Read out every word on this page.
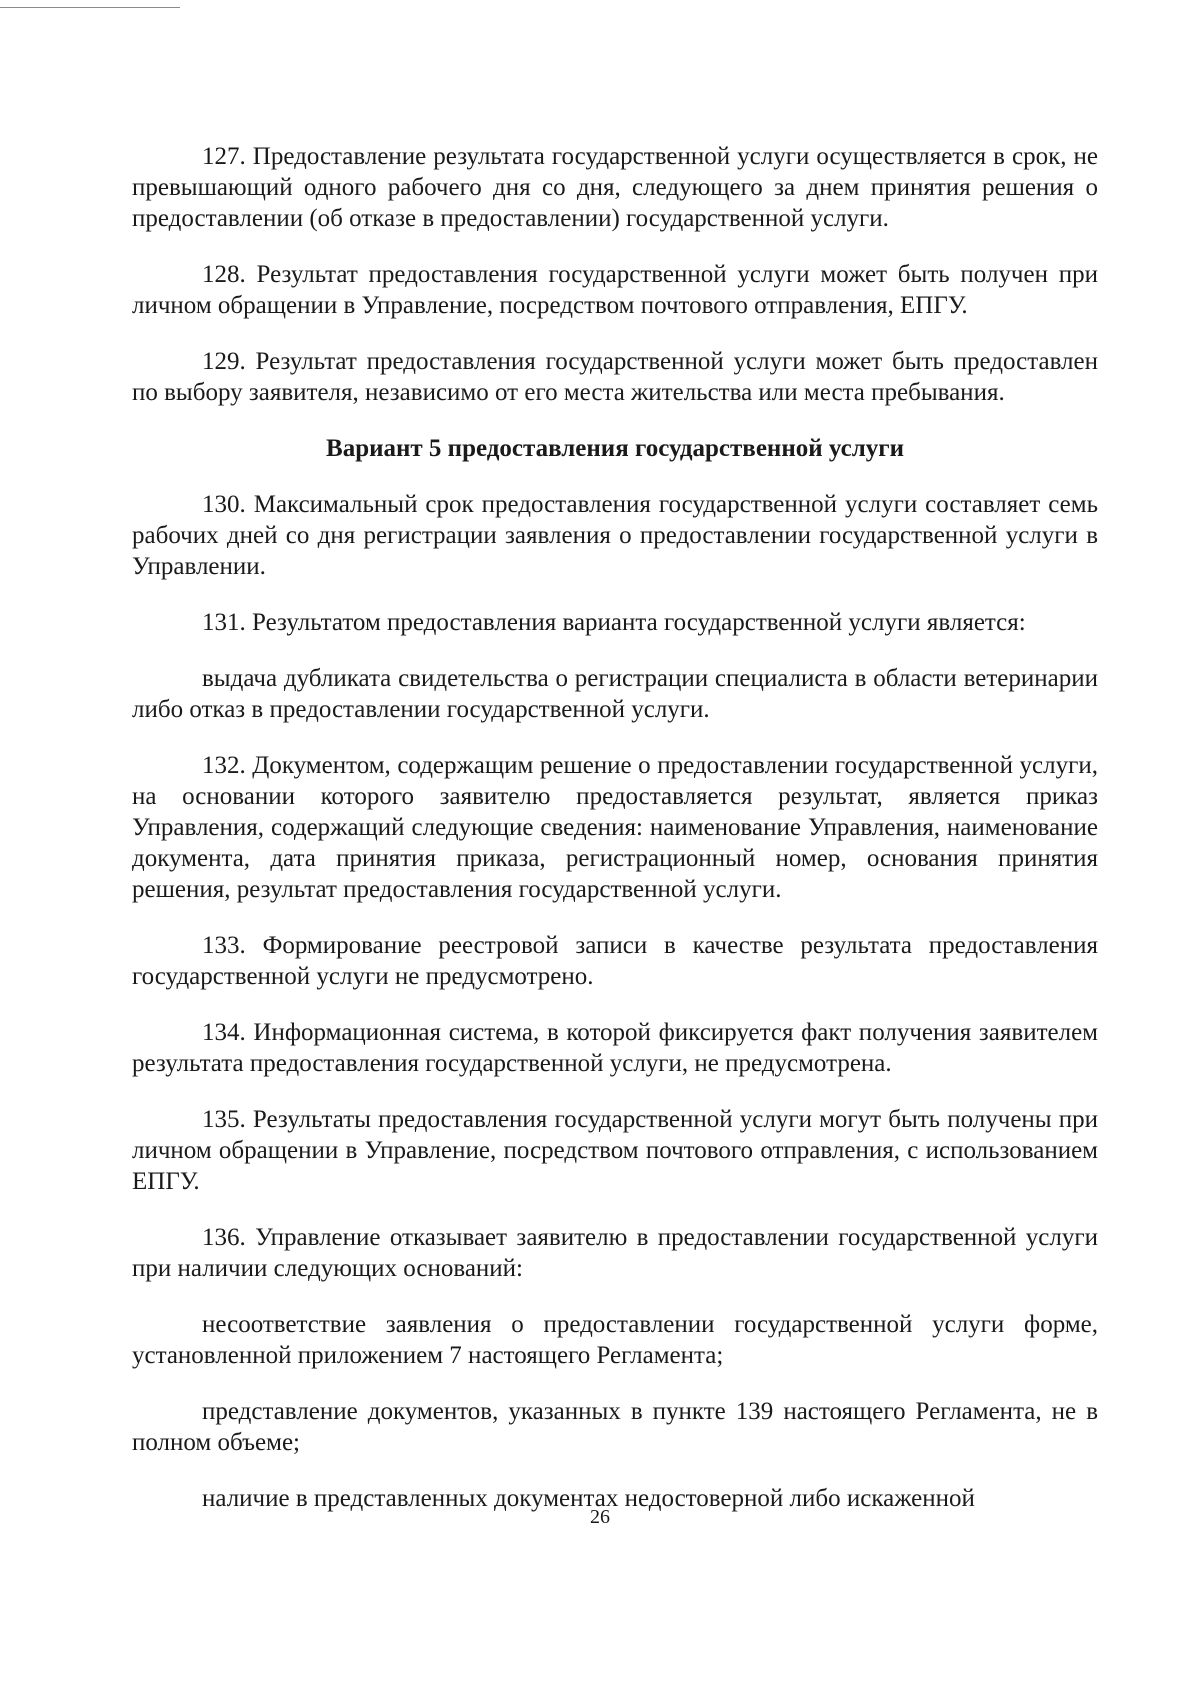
127. Предоставление результата государственной услуги осуществляется в срок, не превышающий одного рабочего дня со дня, следующего за днем принятия решения о предоставлении (об отказе в предоставлении) государственной услуги.

128. Результат предоставления государственной услуги может быть получен при личном обращении в Управление, посредством почтового отправления, ЕПГУ.

129. Результат предоставления государственной услуги может быть предоставлен по выбору заявителя, независимо от его места жительства или места пребывания.

Вариант 5 предоставления государственной услуги

130. Максимальный срок предоставления государственной услуги составляет семь рабочих дней со дня регистрации заявления о предоставлении государственной услуги в Управлении.

131. Результатом предоставления варианта государственной услуги является:

выдача дубликата свидетельства о регистрации специалиста в области ветеринарии либо отказ в предоставлении государственной услуги.

132. Документом, содержащим решение о предоставлении государственной услуги, на основании которого заявителю предоставляется результат, является приказ Управления, содержащий следующие сведения: наименование Управления, наименование документа, дата принятия приказа, регистрационный номер, основания принятия решения, результат предоставления государственной услуги.

133. Формирование реестровой записи в качестве результата предоставления государственной услуги не предусмотрено.

134. Информационная система, в которой фиксируется факт получения заявителем результата предоставления государственной услуги, не предусмотрена.

135. Результаты предоставления государственной услуги могут быть получены при личном обращении в Управление, посредством почтового отправления, с использованием ЕПГУ.

136. Управление отказывает заявителю в предоставлении государственной услуги при наличии следующих оснований:

несоответствие заявления о предоставлении государственной услуги форме, установленной приложением 7 настоящего Регламента;

представление документов, указанных в пункте 139 настоящего Регламента, не в полном объеме;

наличие в представленных документах недостоверной либо искаженной

26
